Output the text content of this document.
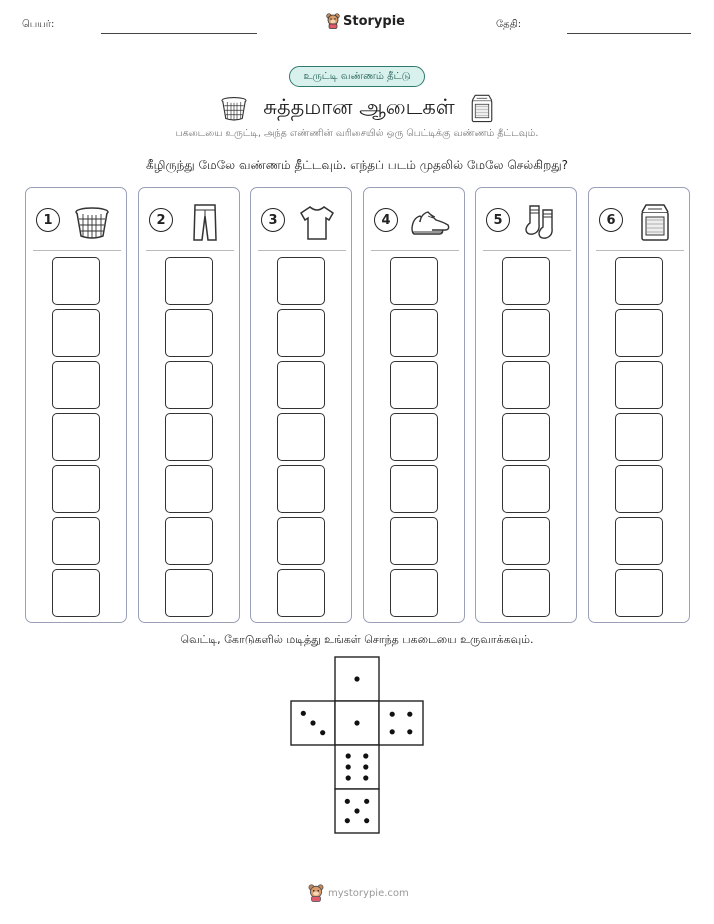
பெயர்:	Storypie	தேதி:
உருட்டி வண்ணம் தீட்டு
சுத்தமான ஆடைகள்
பகடையை உருட்டி, அந்த எண்ணின் வரிசையில் ஒரு பெட்டிக்கு வண்ணம் தீட்டவும்.
கீழிருந்து மேலே வண்ணம் தீட்டவும். எந்தப் படம் முதலில் மேலே செல்கிறது?
1	2	3	4	5	6
வெட்டி, கோடுகளில் மடித்து உங்கள் சொந்த பகடையை உருவாக்கவும்.
mystorypie.com
